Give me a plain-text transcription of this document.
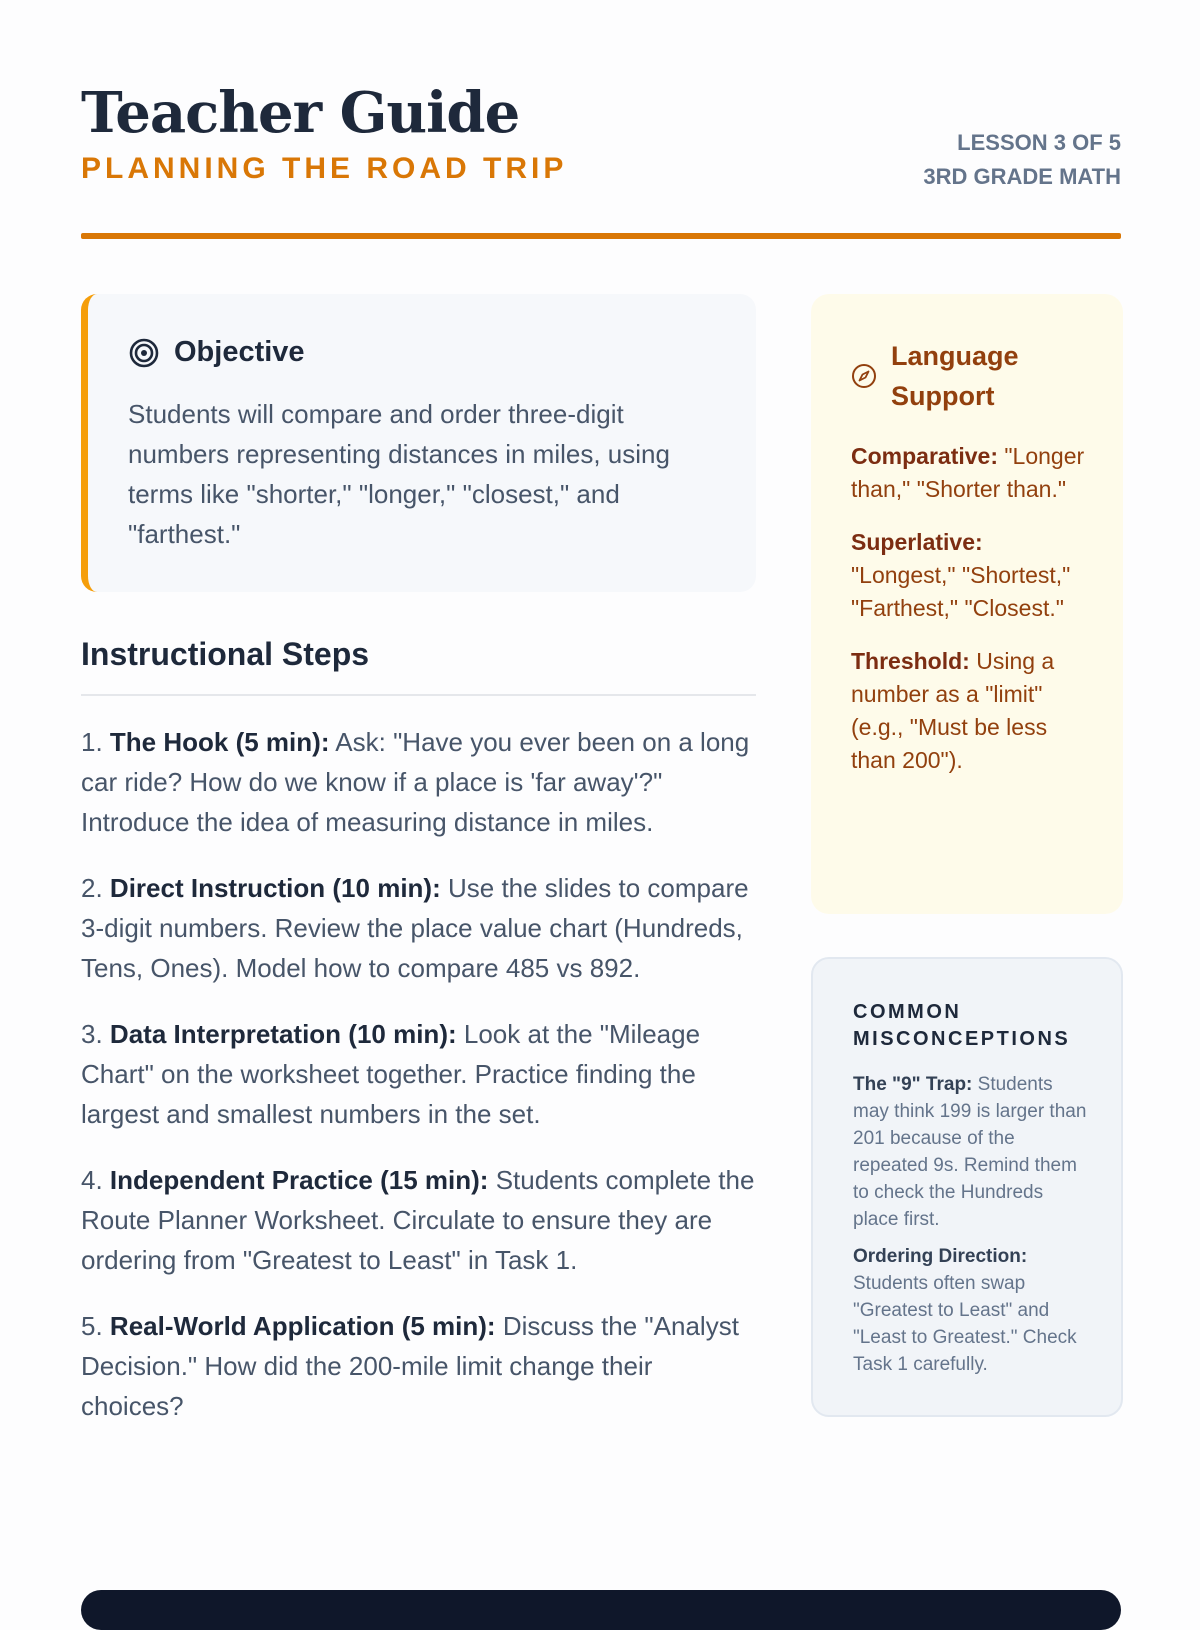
Teacher Guide
PLANNING THE ROAD TRIP
LESSON 3 OF 5
3RD GRADE MATH
Objective
Students will compare and order three-digit numbers representing distances in miles, using terms like "shorter," "longer," "closest," and "farthest."
Instructional Steps

1. The Hook (5 min): Ask: "Have you ever been on a long car ride? How do we know if a place is 'far away'?" Introduce the idea of measuring distance in miles.

2. Direct Instruction (10 min): Use the slides to compare 3-digit numbers. Review the place value chart (Hundreds, Tens, Ones). Model how to compare 485 vs 892.

3. Data Interpretation (10 min): Look at the "Mileage Chart" on the worksheet together. Practice finding the largest and smallest numbers in the set.

4. Independent Practice (15 min): Students complete the Route Planner Worksheet. Circulate to ensure they are ordering from "Greatest to Least" in Task 1.

5. Real-World Application (5 min): Discuss the "Analyst Decision." How did the 200-mile limit change their choices?

Language Support
Comparative: "Longer than," "Shorter than."
Superlative: "Longest," "Shortest," "Farthest," "Closest."
Threshold: Using a number as a "limit" (e.g., "Must be less than 200").
COMMON MISCONCEPTIONS
The "9" Trap: Students may think 199 is larger than 201 because of the repeated 9s. Remind them to check the Hundreds place first.
Ordering Direction: Students often swap "Greatest to Least" and "Least to Greatest." Check Task 1 carefully.
